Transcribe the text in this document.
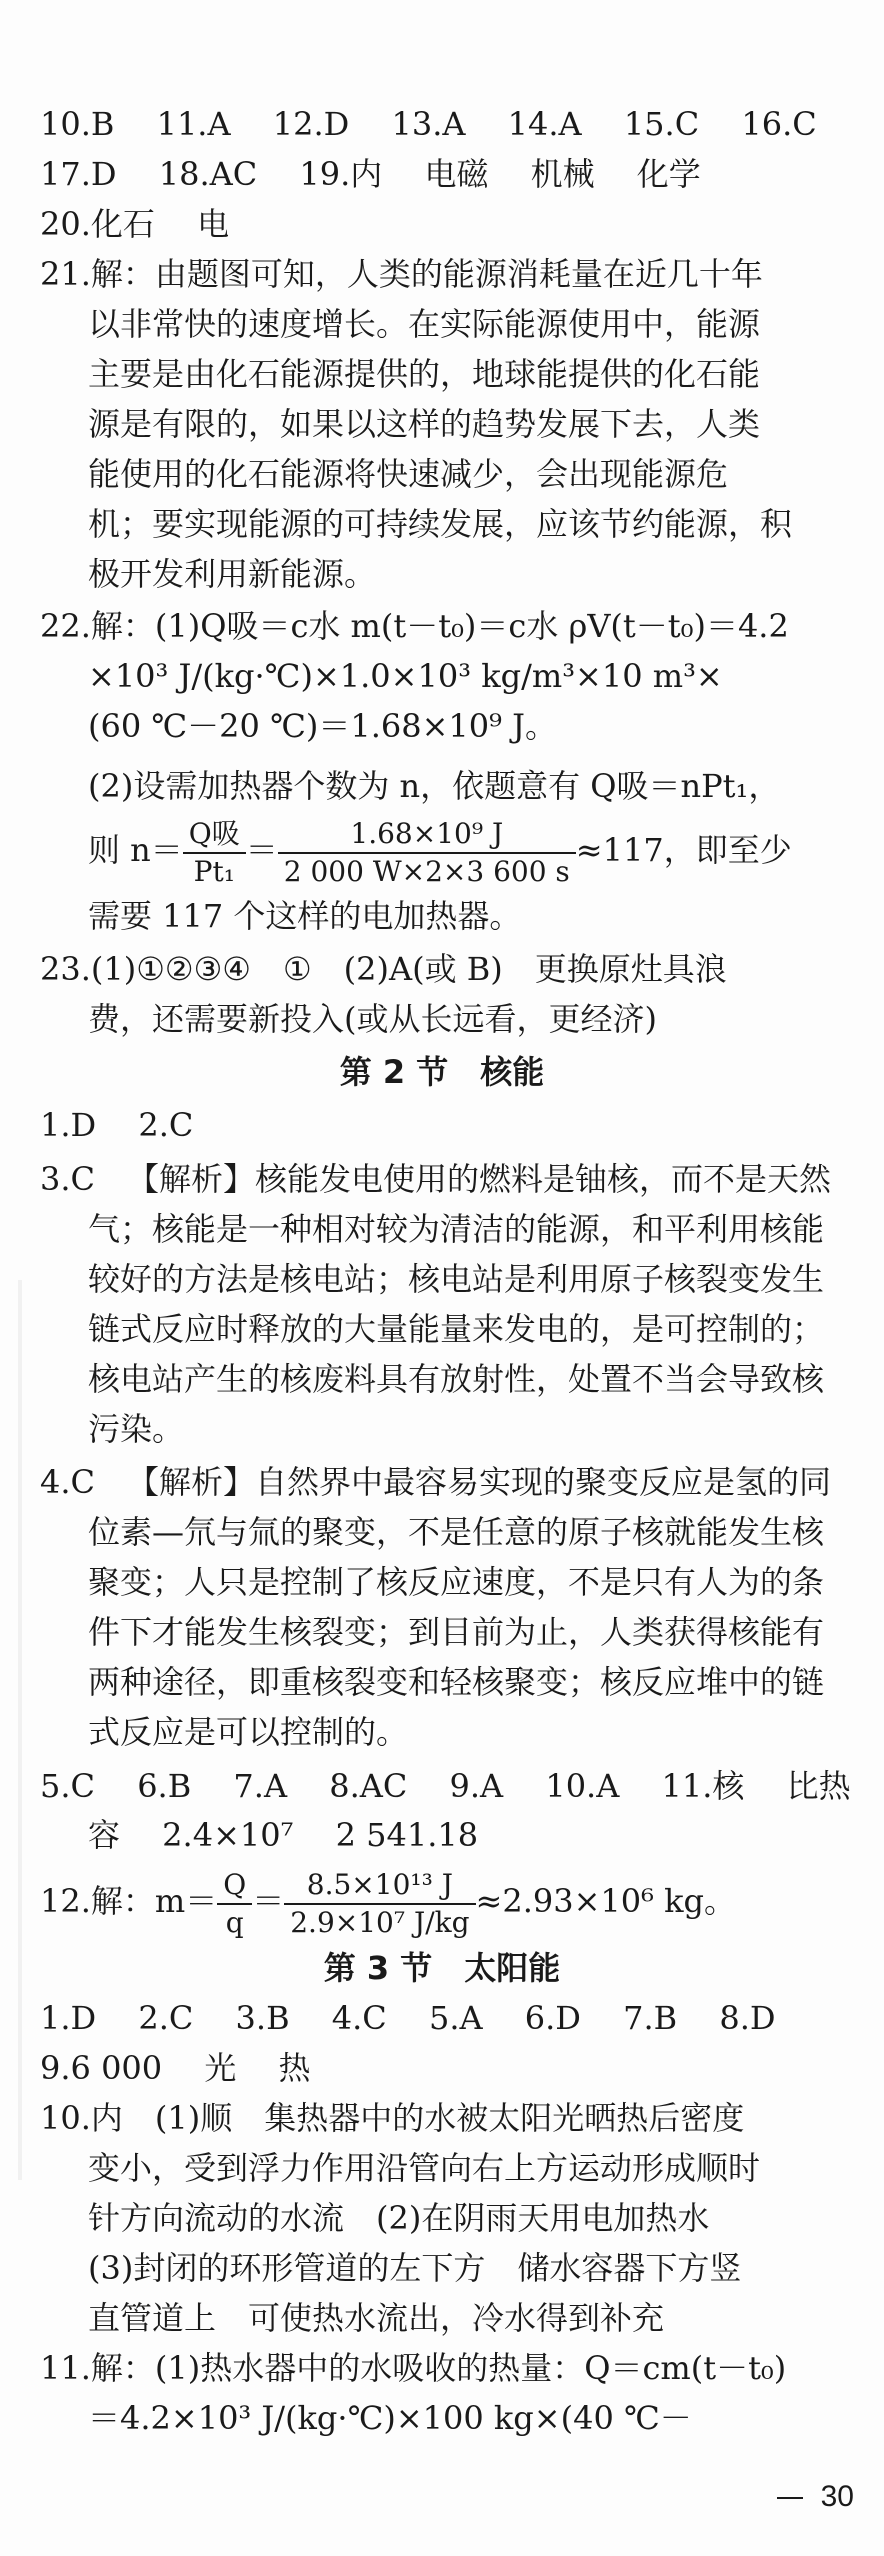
10.B  11.A  12.D  13.A  14.A  15.C  16.C
17.D  18.AC  19.内  电磁  机械  化学
20.化石  电
21.解：由题图可知，人类的能源消耗量在近几十年
以非常快的速度增长。在实际能源使用中，能源
主要是由化石能源提供的，地球能提供的化石能
源是有限的，如果以这样的趋势发展下去，人类
能使用的化石能源将快速减少，会出现能源危
机；要实现能源的可持续发展，应该节约能源，积
极开发利用新能源。
22.解：(1)Q吸＝c水 m(t－t₀)＝c水 ρV(t－t₀)＝4.2
×10³ J/(kg·℃)×1.0×10³ kg/m³×10 m³×
(60 ℃－20 ℃)＝1.68×10⁹ J。
(2)设需加热器个数为 n，依题意有 Q吸＝nPt₁，
则 $n= \frac{\text{Q吸}}{\text{Pt₁}} = \frac{\text{1.68×10⁹ J}}{2 000 W\times 2\times 3 600 s} \approx 117$，即至少
需要 117 个这样的电加热器。
23.(1)①②③④ ① (2)A(或 B) 更换原灶具浪
费，还需要新投入(或从长远看，更经济)
第 2 节 核能
1.D  2.C
3.C 【解析】核能发电使用的燃料是铀核，而不是天然
气；核能是一种相对较为清洁的能源，和平利用核能
较好的方法是核电站；核电站是利用原子核裂变发生
链式反应时释放的大量能量来发电的，是可控制的；
核电站产生的核废料具有放射性，处置不当会导致核
污染。
4.C 【解析】自然界中最容易实现的聚变反应是氢的同
位素—氘与氚的聚变，不是任意的原子核就能发生核
聚变；人只是控制了核反应速度，不是只有人为的条
件下才能发生核裂变；到目前为止，人类获得核能有
两种途径，即重核裂变和轻核聚变；核反应堆中的链
式反应是可以控制的。
5.C  6.B  7.A  8.AC  9.A  10.A  11.核  比热
容  2.4×10⁷  2 541.18
12.解：$m= \frac{Q}{q} = \frac{\text{8.5×10¹³ J}}{\text{2.9×10⁷ J/kg}} \approx 2.93\times 10^6$ kg。
第 3 节 太阳能
1.D  2.C  3.B  4.C  5.A  6.D  7.B  8.D
9.6 000  光  热
10.内 (1)顺 集热器中的水被太阳光晒热后密度
变小，受到浮力作用沿管向右上方运动形成顺时
针方向流动的水流 (2)在阴雨天用电加热水
(3)封闭的环形管道的左下方 储水容器下方竖
直管道上 可使热水流出，冷水得到补充
11.解：(1)热水器中的水吸收的热量：Q＝cm(t－t₀)
＝4.2×10³ J/(kg·℃)×100 kg×(40 ℃－
30
